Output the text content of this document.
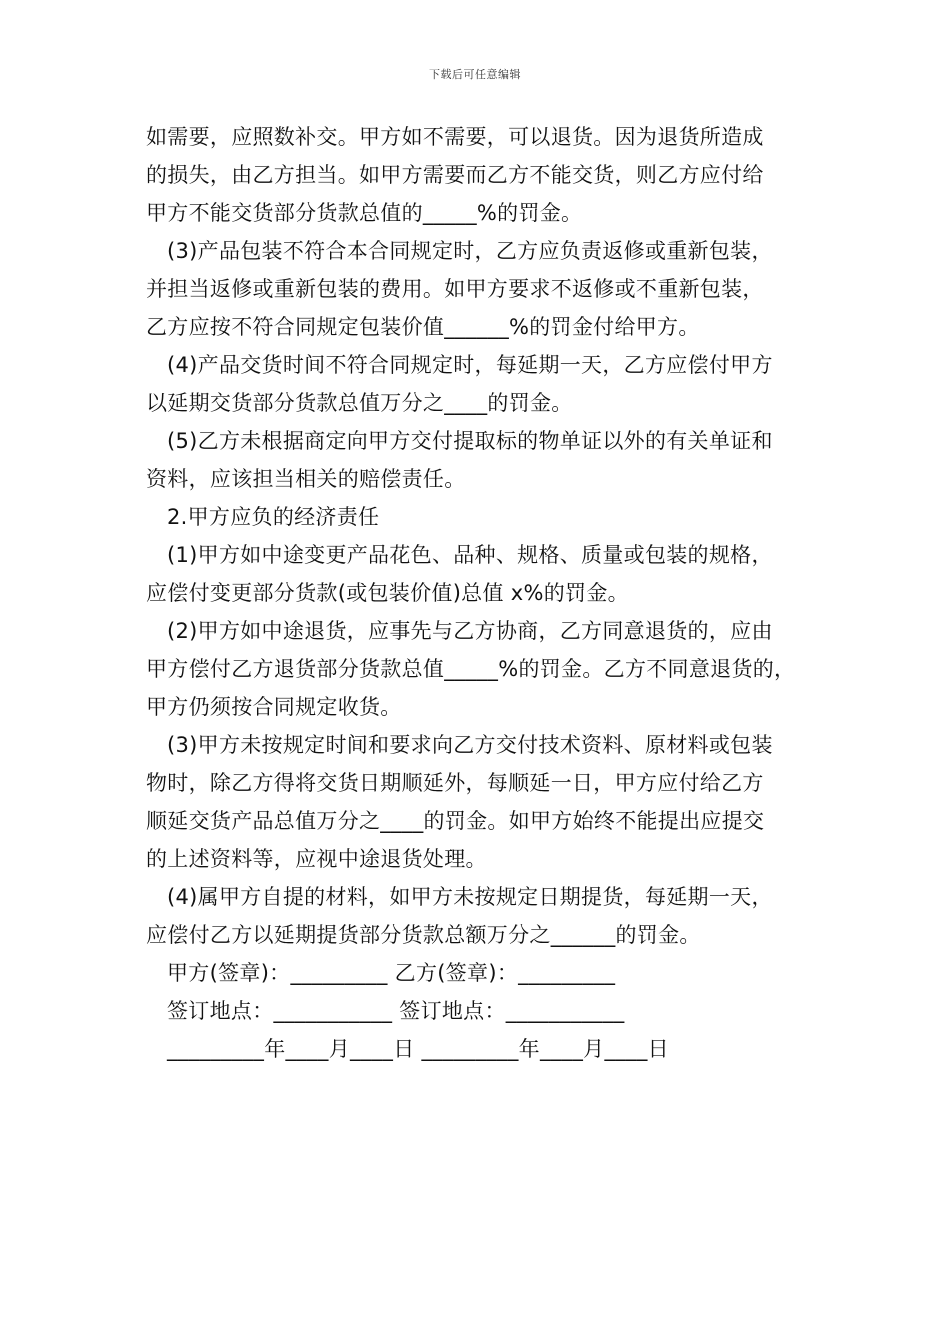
下载后可任意编辑
如需要，应照数补交。甲方如不需要，可以退货。因为退货所造成
的损失，由乙方担当。如甲方需要而乙方不能交货，则乙方应付给
甲方不能交货部分货款总值的_____%的罚金。
(3)产品包装不符合本合同规定时，乙方应负责返修或重新包装，
并担当返修或重新包装的费用。如甲方要求不返修或不重新包装，
乙方应按不符合同规定包装价值______%的罚金付给甲方。
(4)产品交货时间不符合同规定时，每延期一天，乙方应偿付甲方
以延期交货部分货款总值万分之____的罚金。
(5)乙方未根据商定向甲方交付提取标的物单证以外的有关单证和
资料，应该担当相关的赔偿责任。
2.甲方应负的经济责任
(1)甲方如中途变更产品花色、品种、规格、质量或包装的规格，
应偿付变更部分货款(或包装价值)总值 x%的罚金。
(2)甲方如中途退货，应事先与乙方协商，乙方同意退货的，应由
甲方偿付乙方退货部分货款总值_____%的罚金。乙方不同意退货的，
甲方仍须按合同规定收货。
(3)甲方未按规定时间和要求向乙方交付技术资料、原材料或包装
物时，除乙方得将交货日期顺延外，每顺延一日，甲方应付给乙方
顺延交货产品总值万分之____的罚金。如甲方始终不能提出应提交
的上述资料等，应视中途退货处理。
(4)属甲方自提的材料，如甲方未按规定日期提货，每延期一天，
应偿付乙方以延期提货部分货款总额万分之______的罚金。
甲方(签章)：_________ 乙方(签章)：_________
签订地点：___________ 签订地点：___________
_________年____月____日 _________年____月____日
